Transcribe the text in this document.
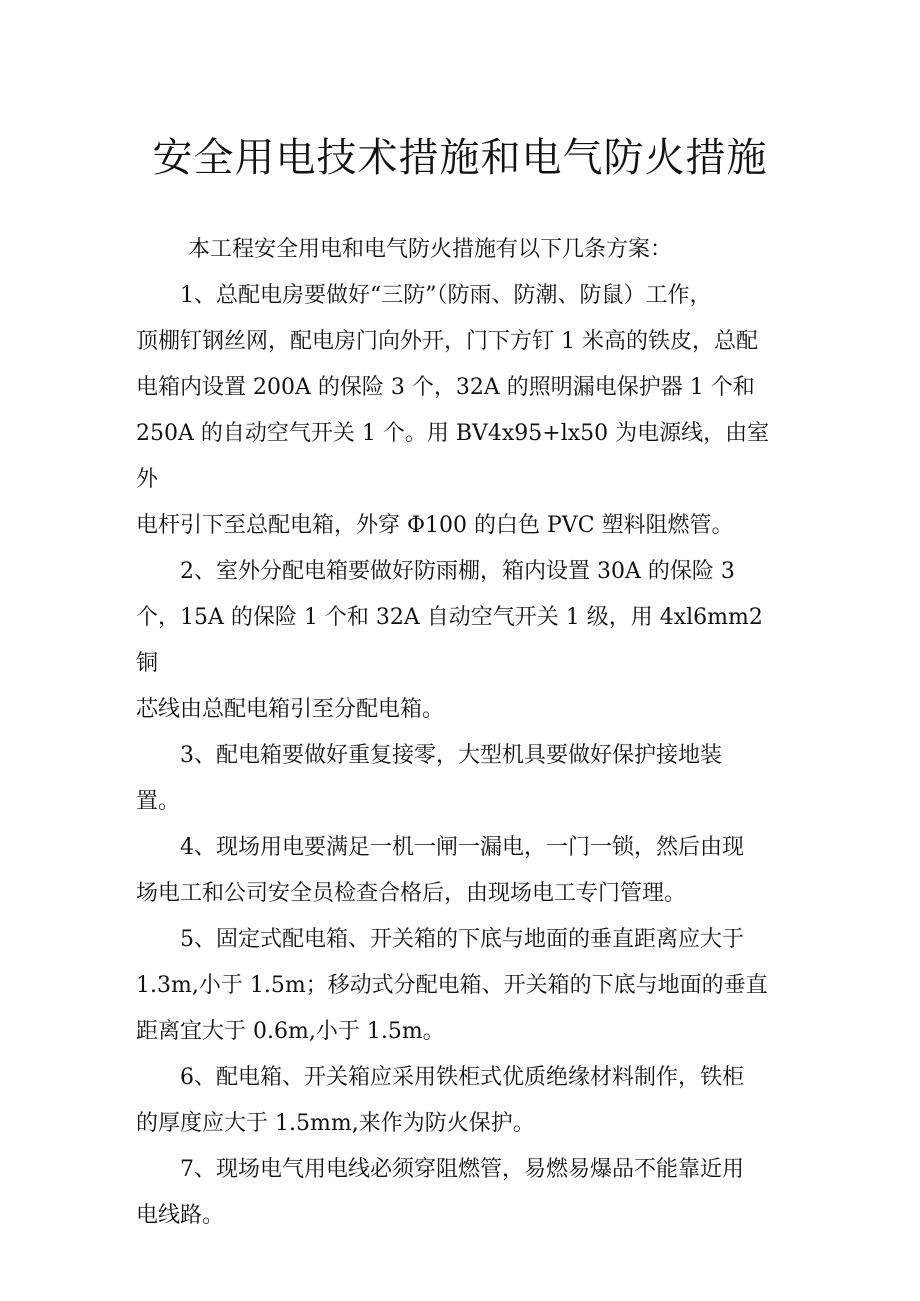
安全用电技术措施和电气防火措施

本工程安全用电和电气防火措施有以下几条方案：

1、总配电房要做好“三防”（防雨、防潮、防鼠）工作，

顶棚钉钢丝网，配电房门向外开，门下方钉 1 米高的铁皮，总配

电箱内设置 200A 的保险 3 个，32A 的照明漏电保护器 1 个和

250A 的自动空气开关 1 个。用 BV4x95+lx50 为电源线，由室外

电杆引下至总配电箱，外穿 Φ100 的白色 PVC 塑料阻燃管。

2、室外分配电箱要做好防雨棚，箱内设置 30A 的保险 3

个，15A 的保险 1 个和 32A 自动空气开关 1 级，用 4xl6mm2 铜

芯线由总配电箱引至分配电箱。

3、配电箱要做好重复接零，大型机具要做好保护接地装

置。

4、现场用电要满足一机一闸一漏电，一门一锁，然后由现

场电工和公司安全员检查合格后，由现场电工专门管理。

5、固定式配电箱、开关箱的下底与地面的垂直距离应大于

1.3m,小于 1.5m；移动式分配电箱、开关箱的下底与地面的垂直

距离宜大于 0.6m,小于 1.5m。

6、配电箱、开关箱应采用铁柜式优质绝缘材料制作，铁柜

的厚度应大于 1.5mm,来作为防火保护。

7、现场电气用电线必须穿阻燃管，易燃易爆品不能靠近用

电线路。
